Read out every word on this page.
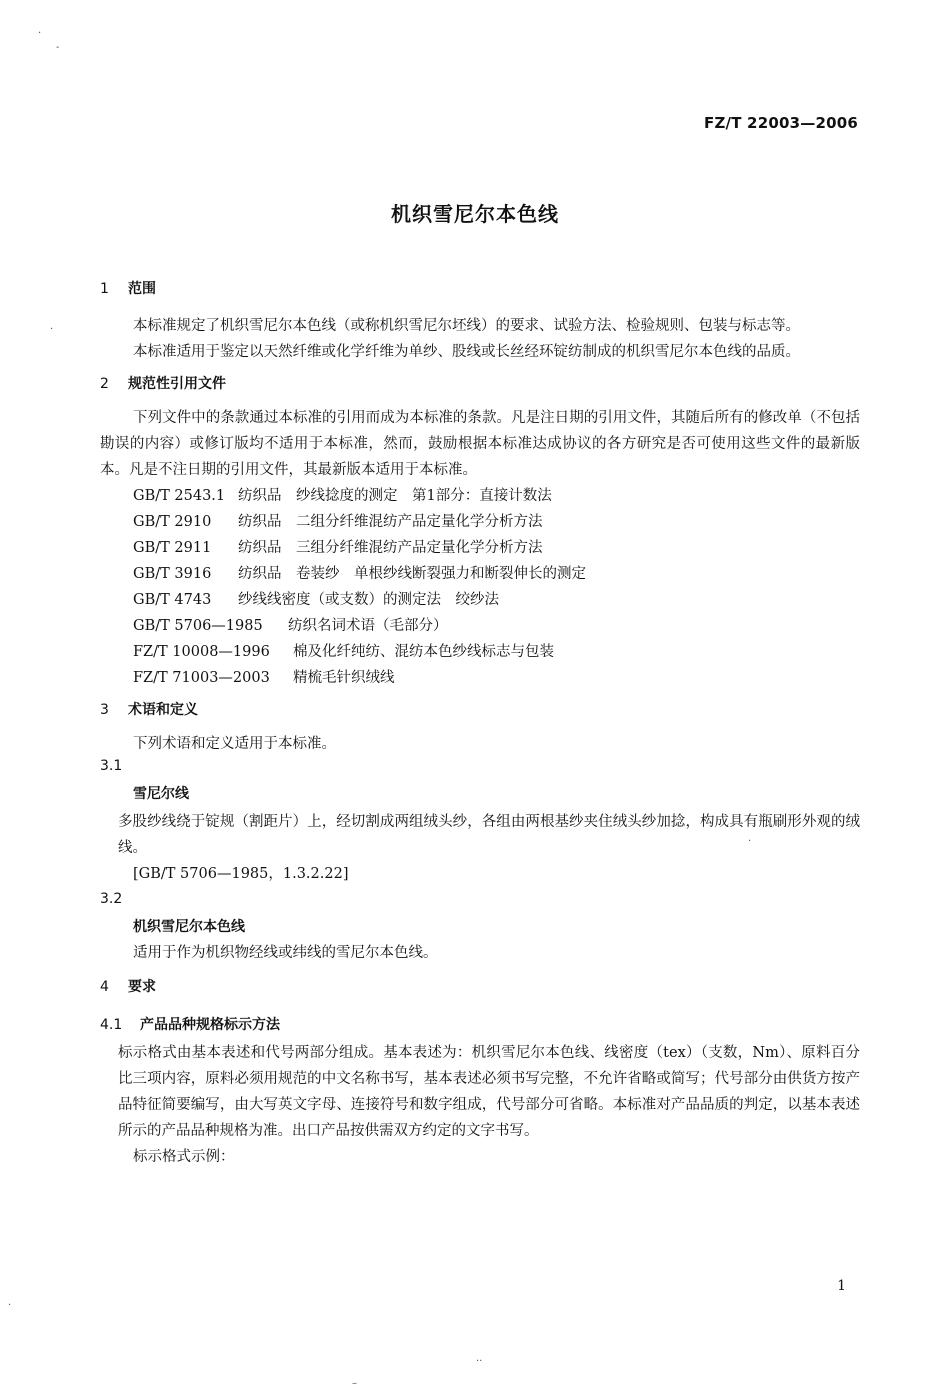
·
-
·
·
·
··
–
FZ/T 22003—2006
机织雪尼尔本色线
1 范围
本标准规定了机织雪尼尔本色线（或称机织雪尼尔坯线）的要求、试验方法、检验规则、包装与标志等。
本标准适用于鉴定以天然纤维或化学纤维为单纱、股线或长丝经环锭纺制成的机织雪尼尔本色线的品质。
2 规范性引用文件
下列文件中的条款通过本标准的引用而成为本标准的条款。凡是注日期的引用文件，其随后所有的修改单（不包括勘误的内容）或修订版均不适用于本标准，然而，鼓励根据本标准达成协议的各方研究是否可使用这些文件的最新版本。凡是不注日期的引用文件，其最新版本适用于本标准。
GB/T 2543.1 纺织品　纱线捻度的测定　第1部分：直接计数法
GB/T 2910 纺织品　二组分纤维混纺产品定量化学分析方法
GB/T 2911 纺织品　三组分纤维混纺产品定量化学分析方法
GB/T 3916 纺织品　卷装纱　单根纱线断裂强力和断裂伸长的测定
GB/T 4743 纱线线密度（或支数）的测定法　绞纱法
GB/T 5706—1985 纺织名词术语（毛部分）
FZ/T 10008—1996 棉及化纤纯纺、混纺本色纱线标志与包装
FZ/T 71003—2003 精梳毛针织绒线
3 术语和定义
下列术语和定义适用于本标准。
3.1
雪尼尔线
多股纱线绕于锭规（割距片）上，经切割成两组绒头纱，各组由两根基纱夹住绒头纱加捻，构成具有瓶刷形外观的绒线。
[GB/T 5706—1985，1.3.2.22]
3.2
机织雪尼尔本色线
适用于作为机织物经线或纬线的雪尼尔本色线。
4 要求
4.1 产品品种规格标示方法
标示格式由基本表述和代号两部分组成。基本表述为：机织雪尼尔本色线、线密度（tex）（支数，Nm）、原料百分比三项内容，原料必须用规范的中文名称书写，基本表述必须书写完整，不允许省略或简写；代号部分由供货方按产品特征简要编写，由大写英文字母、连接符号和数字组成，代号部分可省略。本标准对产品品质的判定，以基本表述所示的产品品种规格为准。出口产品按供需双方约定的文字书写。
标示格式示例：
1
